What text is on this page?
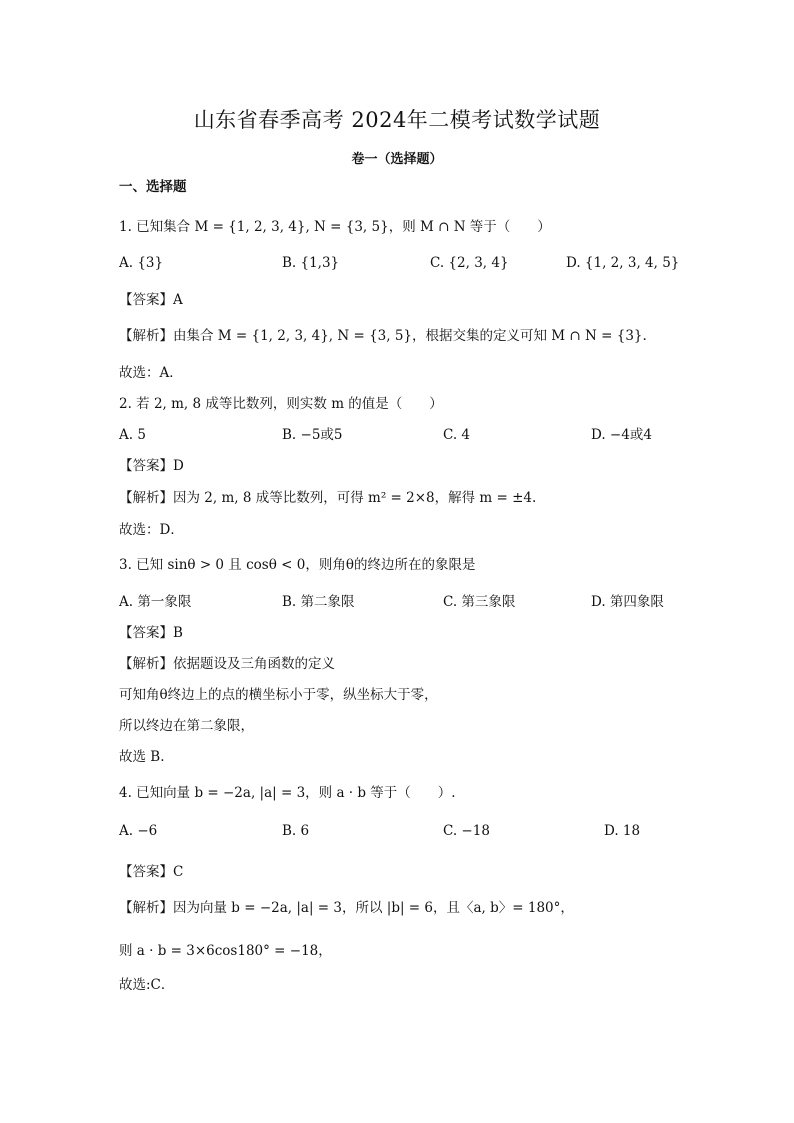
山东省春季高考 2024年二模考试数学试题
卷一（选择题）
一、选择题
1. 已知集合 M = {1, 2, 3, 4}, N = {3, 5}，则 M ∩ N 等于（　　）
A. {3}	B. {1,3}	C. {2, 3, 4}	D. {1, 2, 3, 4, 5}
【答案】A
【解析】由集合 M = {1, 2, 3, 4}, N = {3, 5}，根据交集的定义可知 M ∩ N = {3}.
故选：A．
2. 若 2, m, 8 成等比数列，则实数 m 的值是（　　）
A. 5	B. −5或5	C. 4	D. −4或4
【答案】D
【解析】因为 2, m, 8 成等比数列，可得 m² = 2×8，解得 m = ±4.
故选：D．
3. 已知 sinθ > 0 且 cosθ < 0，则角θ的终边所在的象限是
A. 第一象限	B. 第二象限	C. 第三象限	D. 第四象限
【答案】B
【解析】依据题设及三角函数的定义
可知角θ终边上的点的横坐标小于零，纵坐标大于零，
所以终边在第二象限，
故选 B.
4. 已知向量 b = −2a, |a| = 3，则 a · b 等于（　　）.
A. −6	B. 6	C. −18	D. 18
【答案】C
【解析】因为向量 b = −2a, |a| = 3，所以 |b| = 6，且〈a, b〉= 180°，
则 a · b = 3×6cos180° = −18，
故选:C．
